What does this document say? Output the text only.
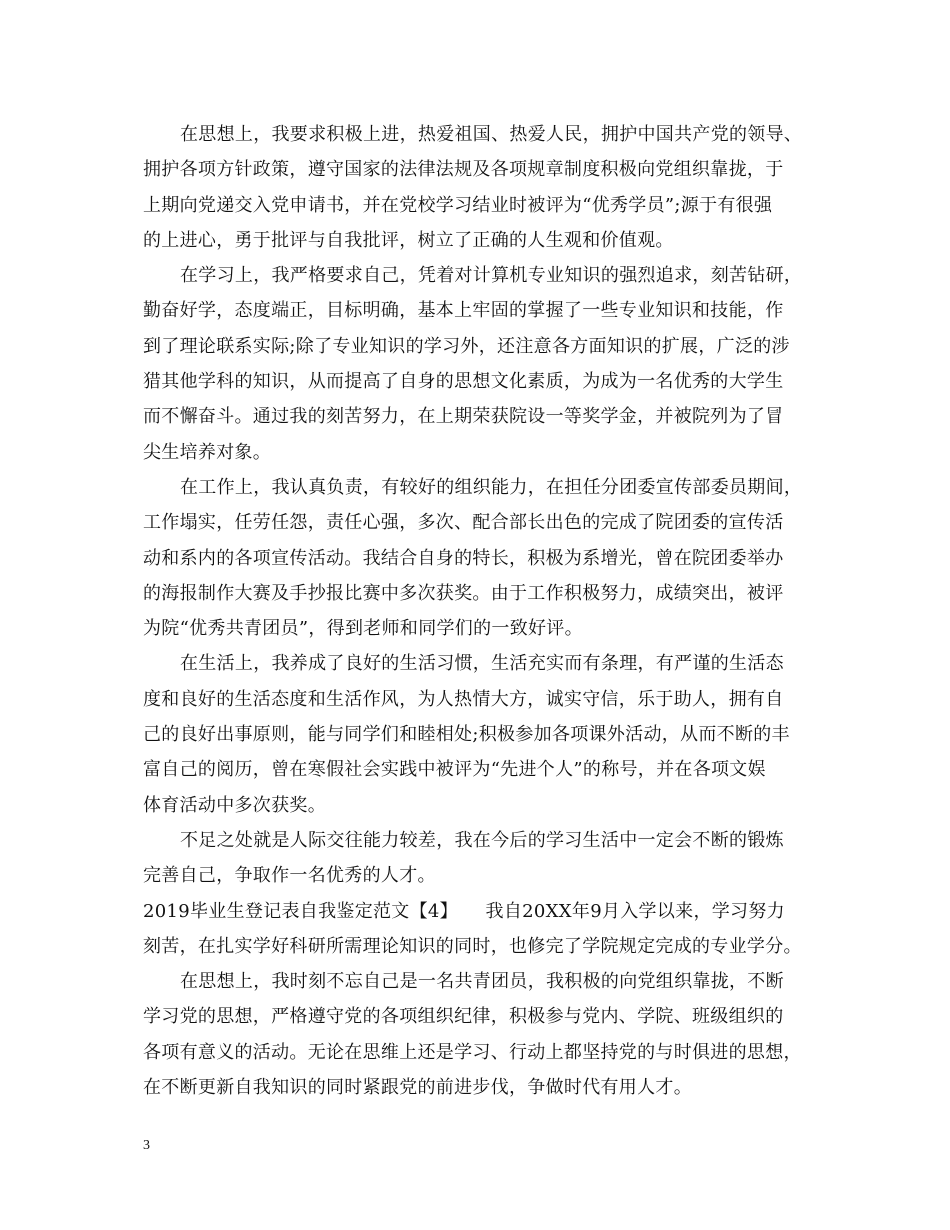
在思想上，我要求积极上进，热爱祖国、热爱人民，拥护中国共产党的领导、
拥护各项方针政策，遵守国家的法律法规及各项规章制度积极向党组织靠拢，于
上期向党递交入党申请书，并在党校学习结业时被评为“优秀学员”;源于有很强
的上进心，勇于批评与自我批评，树立了正确的人生观和价值观。
在学习上，我严格要求自己，凭着对计算机专业知识的强烈追求，刻苦钻研，
勤奋好学，态度端正，目标明确，基本上牢固的掌握了一些专业知识和技能，作
到了理论联系实际;除了专业知识的学习外，还注意各方面知识的扩展，广泛的涉
猎其他学科的知识，从而提高了自身的思想文化素质，为成为一名优秀的大学生
而不懈奋斗。通过我的刻苦努力，在上期荣获院设一等奖学金，并被院列为了冒
尖生培养对象。
在工作上，我认真负责，有较好的组织能力，在担任分团委宣传部委员期间，
工作塌实，任劳任怨，责任心强，多次、配合部长出色的完成了院团委的宣传活
动和系内的各项宣传活动。我结合自身的特长，积极为系增光，曾在院团委举办
的海报制作大赛及手抄报比赛中多次获奖。由于工作积极努力，成绩突出，被评
为院“优秀共青团员”，得到老师和同学们的一致好评。
在生活上，我养成了良好的生活习惯，生活充实而有条理，有严谨的生活态
度和良好的生活态度和生活作风，为人热情大方，诚实守信，乐于助人，拥有自
己的良好出事原则，能与同学们和睦相处;积极参加各项课外活动，从而不断的丰
富自己的阅历，曾在寒假社会实践中被评为“先进个人”的称号，并在各项文娱
体育活动中多次获奖。
不足之处就是人际交往能力较差，我在今后的学习生活中一定会不断的锻炼
完善自己，争取作一名优秀的人才。
2019毕业生登记表自我鉴定范文【4】　　我自20XX年9月入学以来，学习努力
刻苦，在扎实学好科研所需理论知识的同时，也修完了学院规定完成的专业学分。
在思想上，我时刻不忘自己是一名共青团员，我积极的向党组织靠拢，不断
学习党的思想，严格遵守党的各项组织纪律，积极参与党内、学院、班级组织的
各项有意义的活动。无论在思维上还是学习、行动上都坚持党的与时俱进的思想，
在不断更新自我知识的同时紧跟党的前进步伐，争做时代有用人才。
3
